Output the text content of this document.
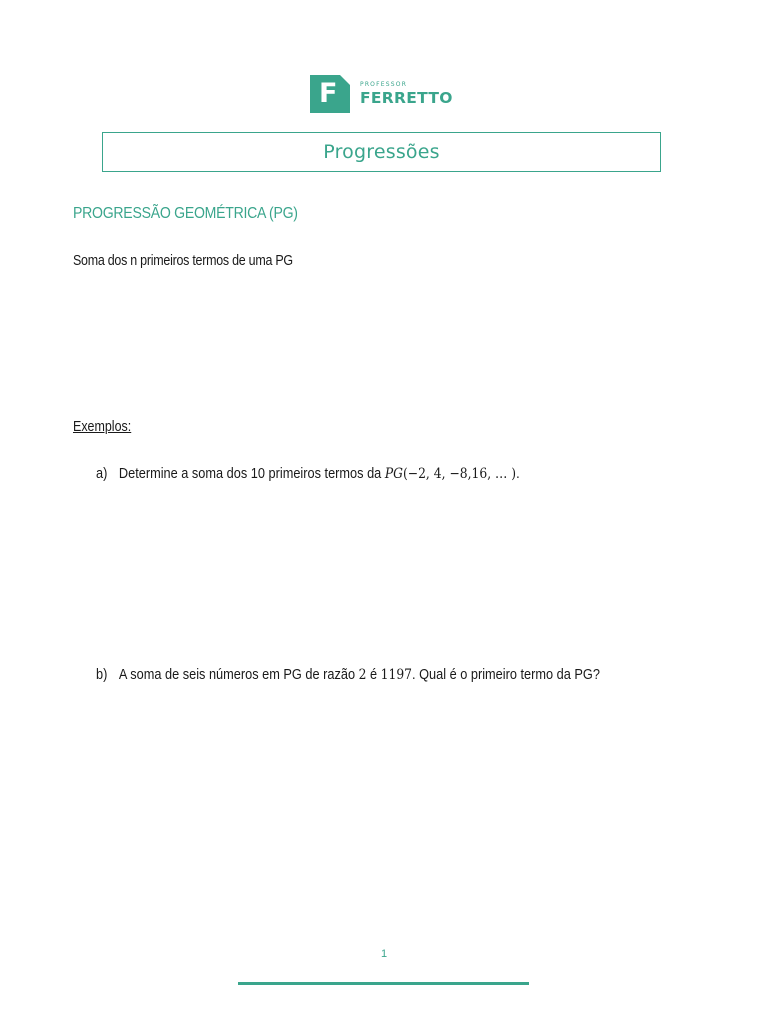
F	PROFESSOR
FERRETTO
Progressões
PROGRESSÃO GEOMÉTRICA (PG)
Soma dos n primeiros termos de uma PG
Exemplos:
a) Determine a soma dos 10 primeiros termos da PG(−2, 4, −8,16, … ).
b) A soma de seis números em PG de razão 2 é 1197. Qual é o primeiro termo da PG?
1
